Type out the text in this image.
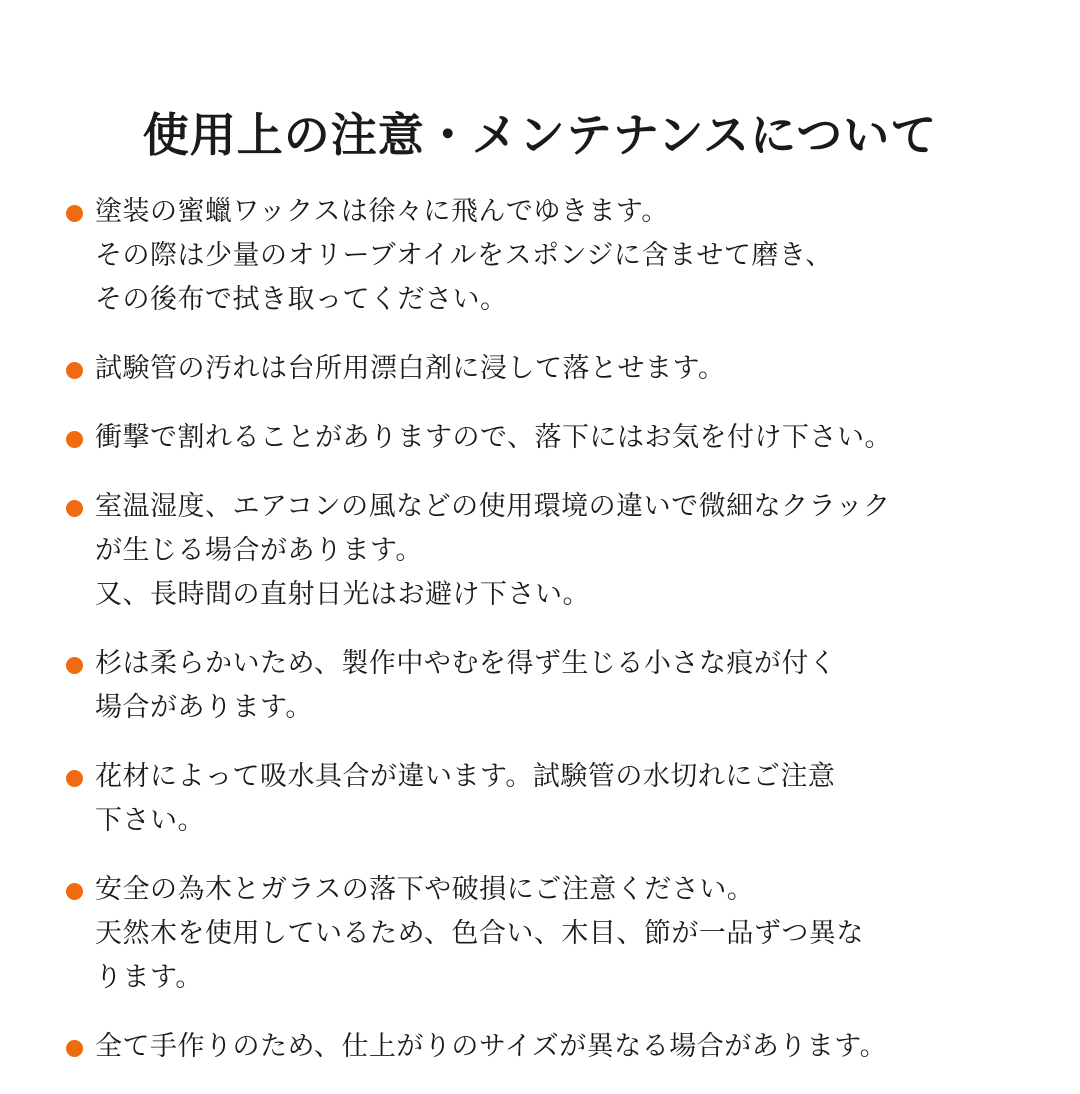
使用上の注意・メンテナンスについて
塗装の蜜蠟ワックスは徐々に飛んでゆきます。
その際は少量のオリーブオイルをスポンジに含ませて磨き、
その後布で拭き取ってください。
試験管の汚れは台所用漂白剤に浸して落とせます。
衝撃で割れることがありますので、落下にはお気を付け下さい。
室温湿度、エアコンの風などの使用環境の違いで微細なクラック
が生じる場合があります。
又、長時間の直射日光はお避け下さい。
杉は柔らかいため、製作中やむを得ず生じる小さな痕が付く
場合があります。
花材によって吸水具合が違います。試験管の水切れにご注意
下さい。
安全の為木とガラスの落下や破損にご注意ください。
天然木を使用しているため、色合い、木目、節が一品ずつ異な
ります。
全て手作りのため、仕上がりのサイズが異なる場合があります。
